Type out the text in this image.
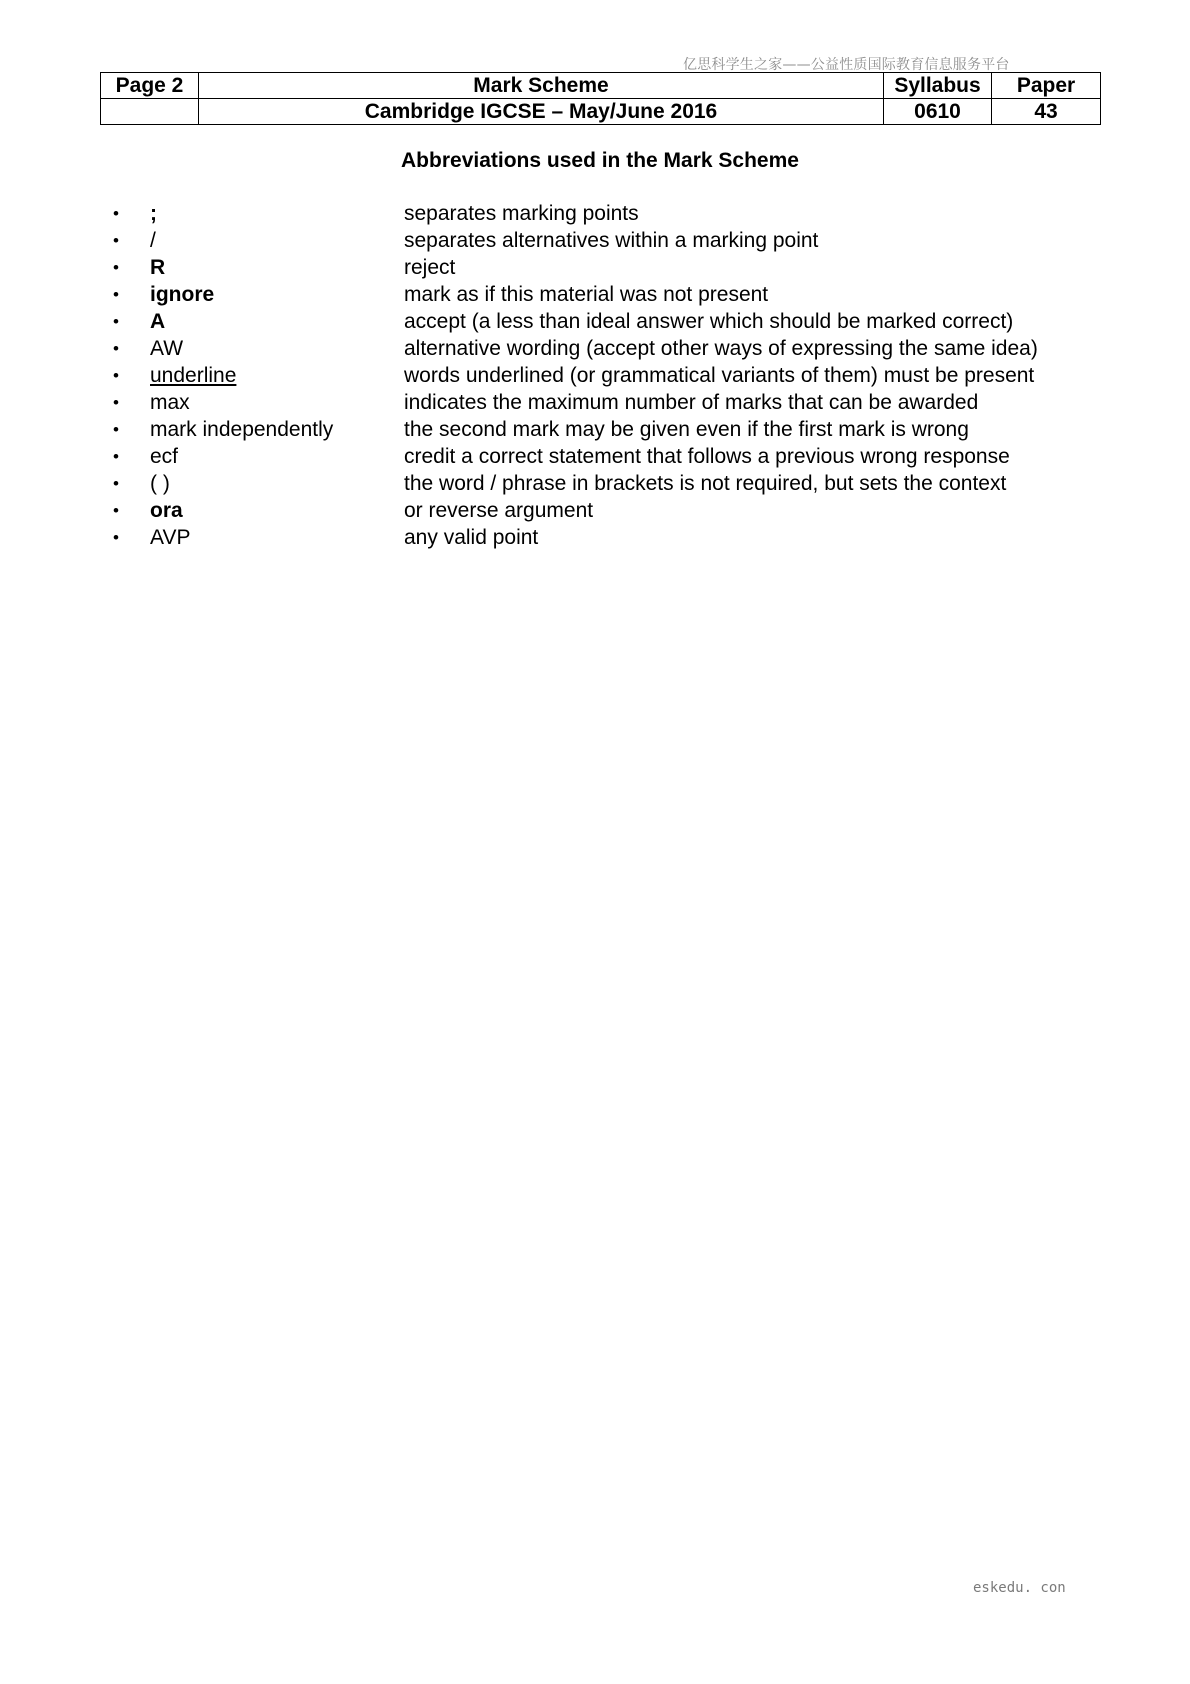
亿思科学生之家——公益性质国际教育信息服务平台
Page 2	Mark Scheme	Syllabus	Paper
	Cambridge IGCSE – May/June 2016	0610	43
Abbreviations used in the Mark Scheme
• ;	separates marking points
• /	separates alternatives within a marking point
• R	reject
• ignore	mark as if this material was not present
• A	accept (a less than ideal answer which should be marked correct)
• AW	alternative wording (accept other ways of expressing the same idea)
• underline	words underlined (or grammatical variants of them) must be present
• max	indicates the maximum number of marks that can be awarded
• mark independently	the second mark may be given even if the first mark is wrong
• ecf	credit a correct statement that follows a previous wrong response
• ( )	the word / phrase in brackets is not required, but sets the context
• ora	or reverse argument
• AVP	any valid point
eskedu. con
